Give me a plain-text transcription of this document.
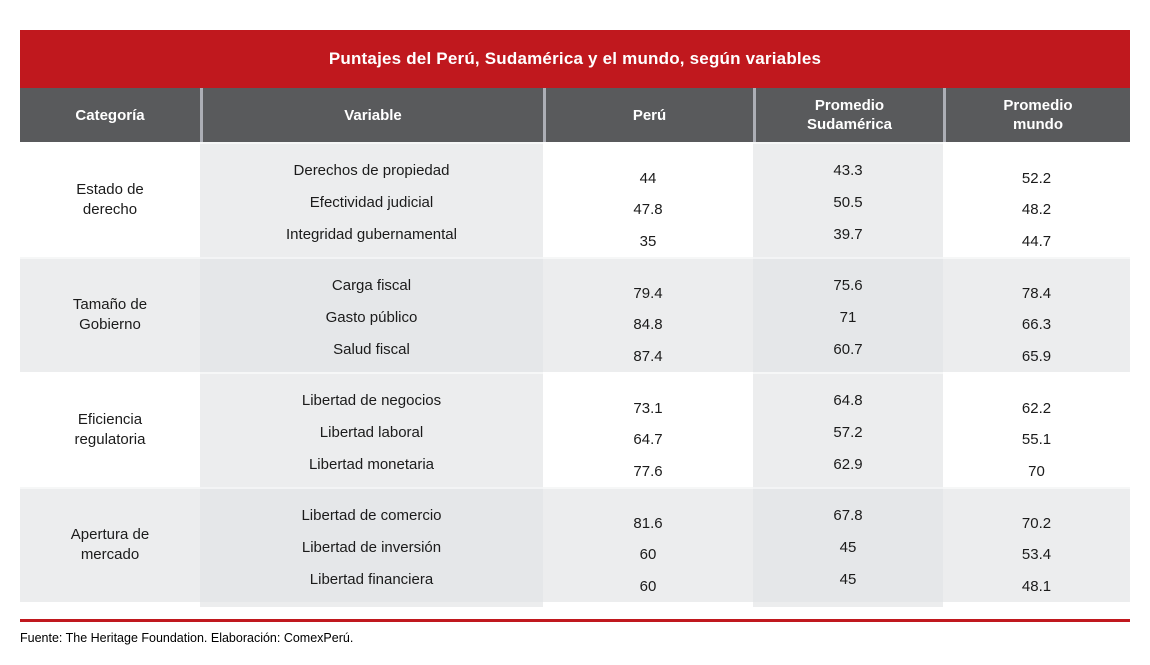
Puntajes del Perú, Sudamérica y el mundo, según variables
Categoría	Variable	Perú
Promedio Sudamérica
Promedio mundo
Estado de derecho
Derechos de propiedad
Efectividad judicial
Integridad gubernamental
44
47.8
35
43.3
50.5
39.7
52.2
48.2
44.7
Tamaño de Gobierno
Carga fiscal
Gasto público
Salud fiscal
79.4
84.8
87.4
75.6
71
60.7
78.4
66.3
65.9
Eficiencia regulatoria
Libertad de negocios
Libertad laboral
Libertad monetaria
73.1
64.7
77.6
64.8
57.2
62.9
62.2
55.1
70
Apertura de mercado
Libertad de comercio
Libertad de inversión
Libertad financiera
81.6
60
60
67.8
45
45
70.2
53.4
48.1
Fuente: The Heritage Foundation. Elaboración: ComexPerú.
